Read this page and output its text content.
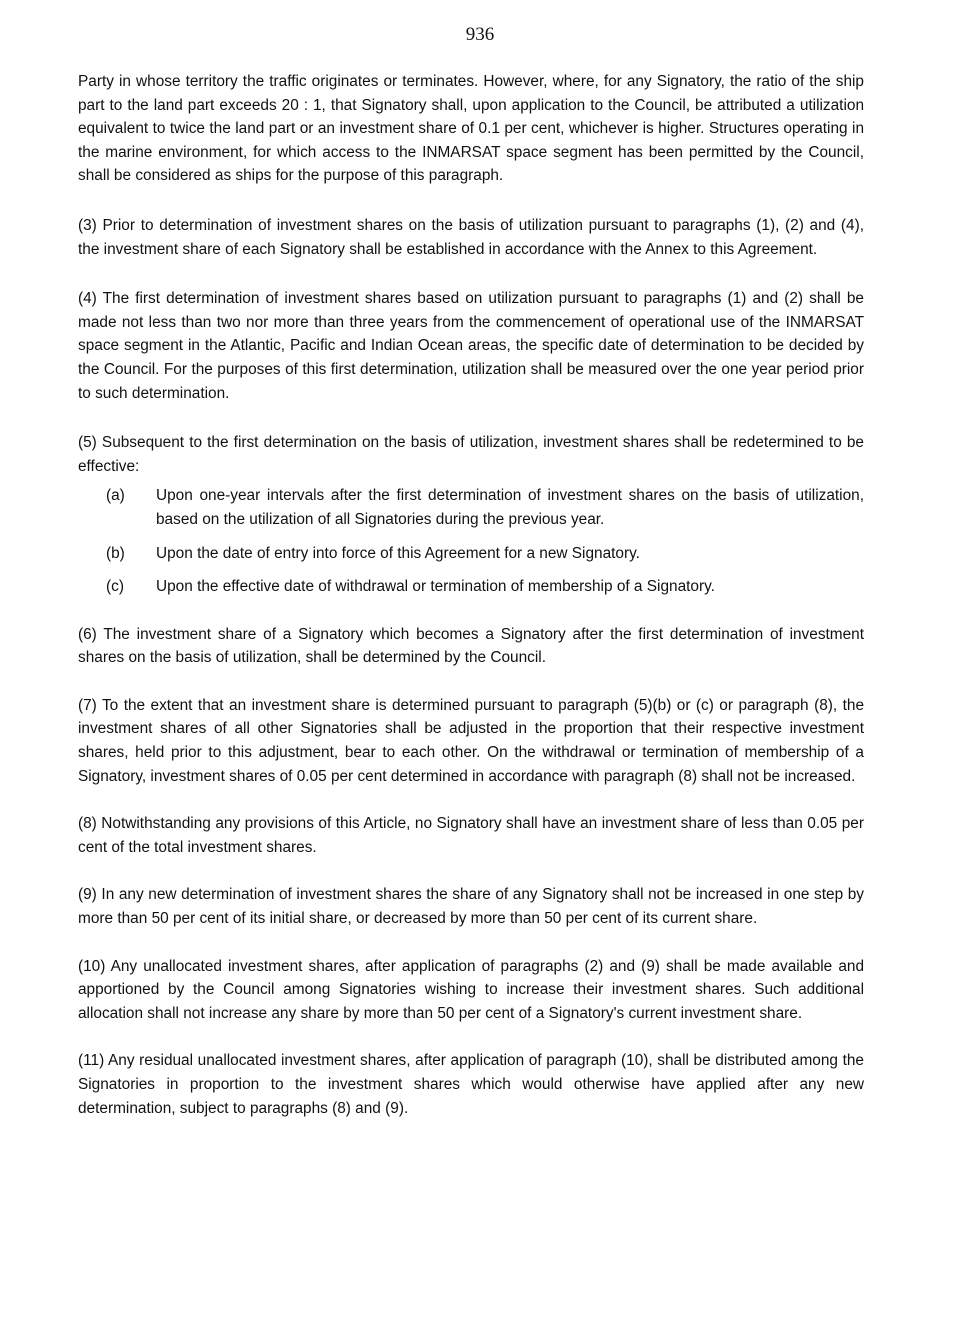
936

Party in whose territory the traffic originates or terminates. However, where, for any Signatory, the ratio of the ship part to the land part exceeds 20 : 1, that Signatory shall, upon application to the Council, be attributed a utilization equivalent to twice the land part or an investment share of 0.1 per cent, whichever is higher. Structures operating in the marine environment, for which access to the INMARSAT space segment has been permitted by the Council, shall be considered as ships for the purpose of this paragraph.

(3) Prior to determination of investment shares on the basis of utilization pursuant to paragraphs (1), (2) and (4), the investment share of each Signatory shall be established in accordance with the Annex to this Agreement.

(4) The first determination of investment shares based on utilization pursuant to paragraphs (1) and (2) shall be made not less than two nor more than three years from the commencement of operational use of the INMARSAT space segment in the Atlantic, Pacific and Indian Ocean areas, the specific date of determination to be decided by the Council. For the purposes of this first determination, utilization shall be measured over the one year period prior to such determination.

(5) Subsequent to the first determination on the basis of utilization, investment shares shall be redetermined to be effective:

(a)	Upon one-year intervals after the first determination of investment shares on the basis of utilization, based on the utilization of all Signatories during the previous year.
(b)	Upon the date of entry into force of this Agreement for a new Signatory.
(c)	Upon the effective date of withdrawal or termination of membership of a Signatory.

(6) The investment share of a Signatory which becomes a Signatory after the first determination of investment shares on the basis of utilization, shall be determined by the Council.

(7) To the extent that an investment share is determined pursuant to paragraph (5)(b) or (c) or paragraph (8), the investment shares of all other Signatories shall be adjusted in the proportion that their respective investment shares, held prior to this adjustment, bear to each other. On the withdrawal or termination of membership of a Signatory, investment shares of 0.05 per cent determined in accordance with paragraph (8) shall not be increased.

(8) Notwithstanding any provisions of this Article, no Signatory shall have an investment share of less than 0.05 per cent of the total investment shares.

(9) In any new determination of investment shares the share of any Signatory shall not be increased in one step by more than 50 per cent of its initial share, or decreased by more than 50 per cent of its current share.

(10) Any unallocated investment shares, after application of paragraphs (2) and (9) shall be made available and apportioned by the Council among Signatories wishing to increase their investment shares. Such additional allocation shall not increase any share by more than 50 per cent of a Signatory's current investment share.

(11) Any residual unallocated investment shares, after application of paragraph (10), shall be distributed among the Signatories in proportion to the investment shares which would otherwise have applied after any new determination, subject to paragraphs (8) and (9).
